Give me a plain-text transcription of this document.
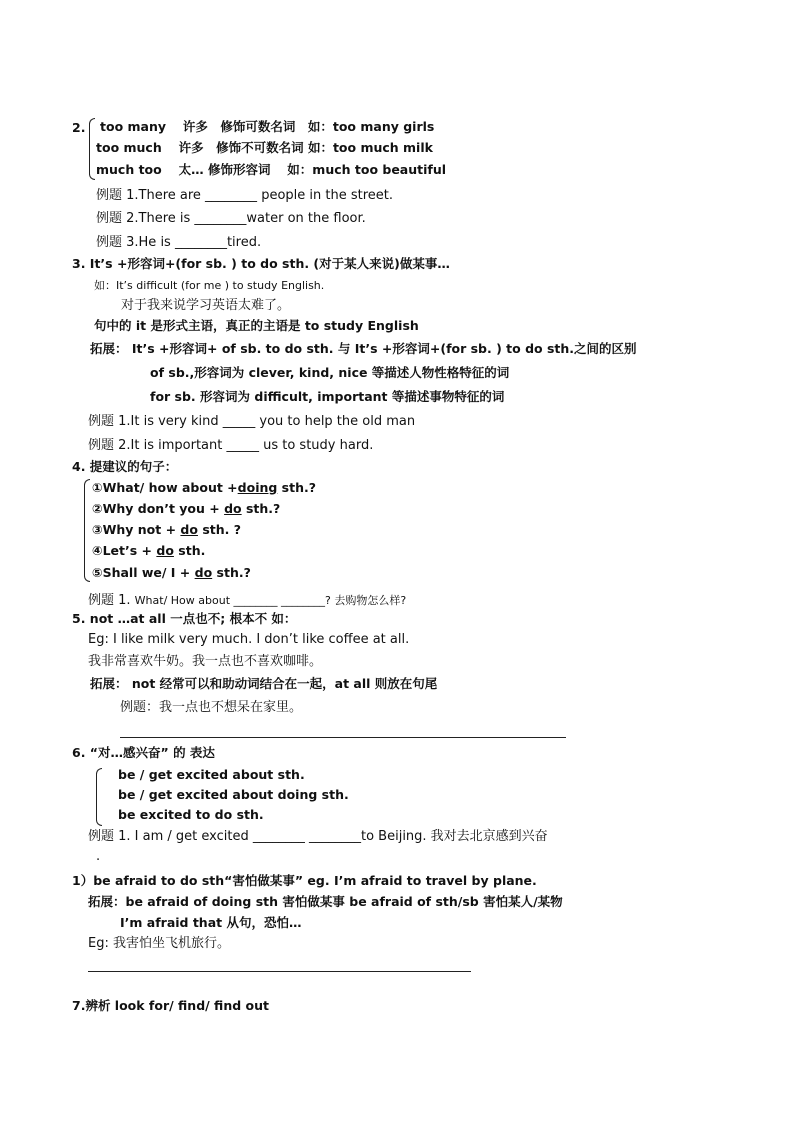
2. too many　 许多　修饰可数名词　如：too many girls
too much　 许多　修饰不可数名词 如：too much milk
much too　 太… 修饰形容词　 如：much too beautiful
例题 1.There are ________ people in the street.
例题 2.There is ________water on the floor.
例题 3.He is ________tired.
3. It’s +形容词+(for sb. ) to do sth. (对于某人来说)做某事…
如：It’s difficult (for me ) to study English.
对于我来说学习英语太难了。
句中的 it 是形式主语，真正的主语是 to study English
拓展： It’s +形容词+ of sb. to do sth. 与 It’s +形容词+(for sb. ) to do sth.之间的区别
of sb.,形容词为 clever, kind, nice 等描述人物性格特征的词
for sb. 形容词为 difficult, important 等描述事物特征的词
例题 1.It is very kind _____ you to help the old man
例题 2.It is important _____ us to study hard.
4. 提建议的句子：
①What/ how about +doing sth.?
②Why don’t you + do sth.?
③Why not + do sth. ?
④Let’s + do sth.
⑤Shall we/ I + do sth.?
例题 1. What/ How about ________ ________? 去购物怎么样?
5. not …at all 一点也不; 根本不 如：
Eg: I like milk very much. I don’t like coffee at all.
我非常喜欢牛奶。我一点也不喜欢咖啡。
拓展： not 经常可以和助动词结合在一起，at all 则放在句尾
例题：我一点也不想呆在家里。
6. “对…感兴奋” 的 表达
be / get excited about sth.
be / get excited about doing sth.
be excited to do sth.
例题 1. I am / get excited ________ ________to Beijing. 我对去北京感到兴奋
.
1）be afraid to do sth“害怕做某事” eg. I’m afraid to travel by plane.
拓展：be afraid of doing sth 害怕做某事 be afraid of sth/sb 害怕某人/某物
I’m afraid that 从句，恐怕…
Eg: 我害怕坐飞机旅行。
7.辨析 look for/ find/ find out
